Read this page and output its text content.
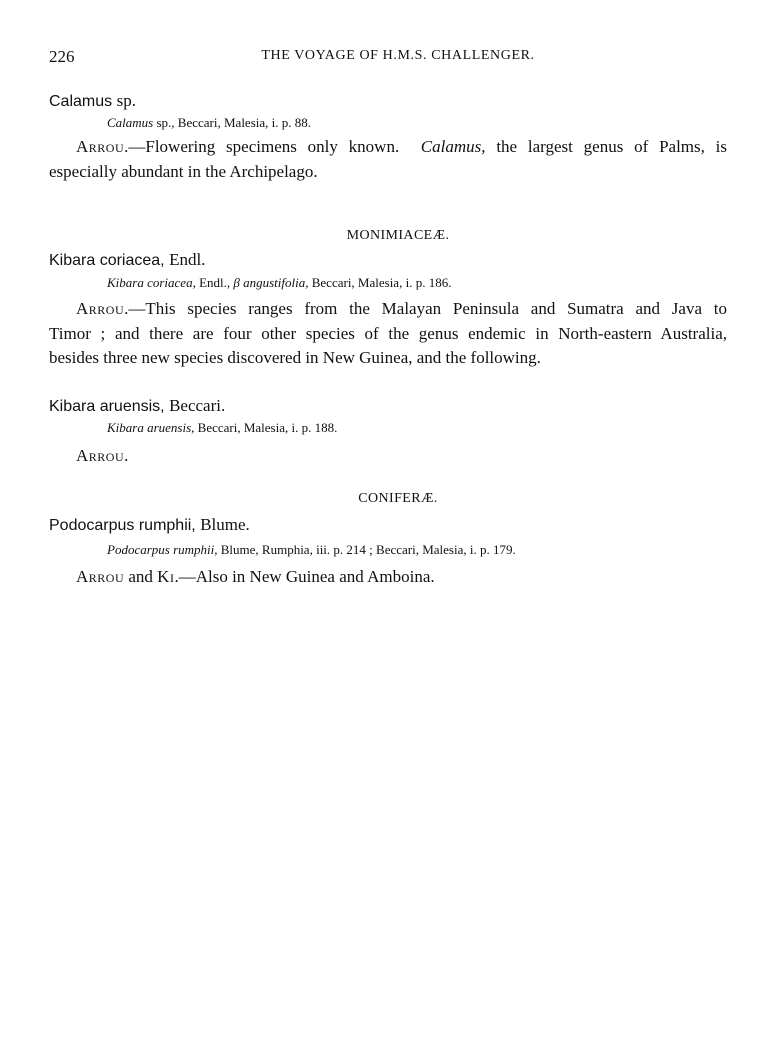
226	THE VOYAGE OF H.M.S. CHALLENGER.
Calamus sp.
Calamus sp., Beccari, Malesia, i. p. 88.
Arrou.—Flowering specimens only known. Calamus, the largest genus of Palms, is
especially abundant in the Archipelago.
MONIMIACEÆ.
Kibara coriacea, Endl.
Kibara coriacea, Endl., β angustifolia, Beccari, Malesia, i. p. 186.
Arrou.—This species ranges from the Malayan Peninsula and Sumatra and Java to
Timor ; and there are four other species of the genus endemic in North-eastern Australia,
besides three new species discovered in New Guinea, and the following.
Kibara aruensis, Beccari.
Kibara aruensis, Beccari, Malesia, i. p. 188.
Arrou.
CONIFERÆ.
Podocarpus rumphii, Blume.
Podocarpus rumphii, Blume, Rumphia, iii. p. 214 ; Beccari, Malesia, i. p. 179.
Arrou and Ki.—Also in New Guinea and Amboina.
